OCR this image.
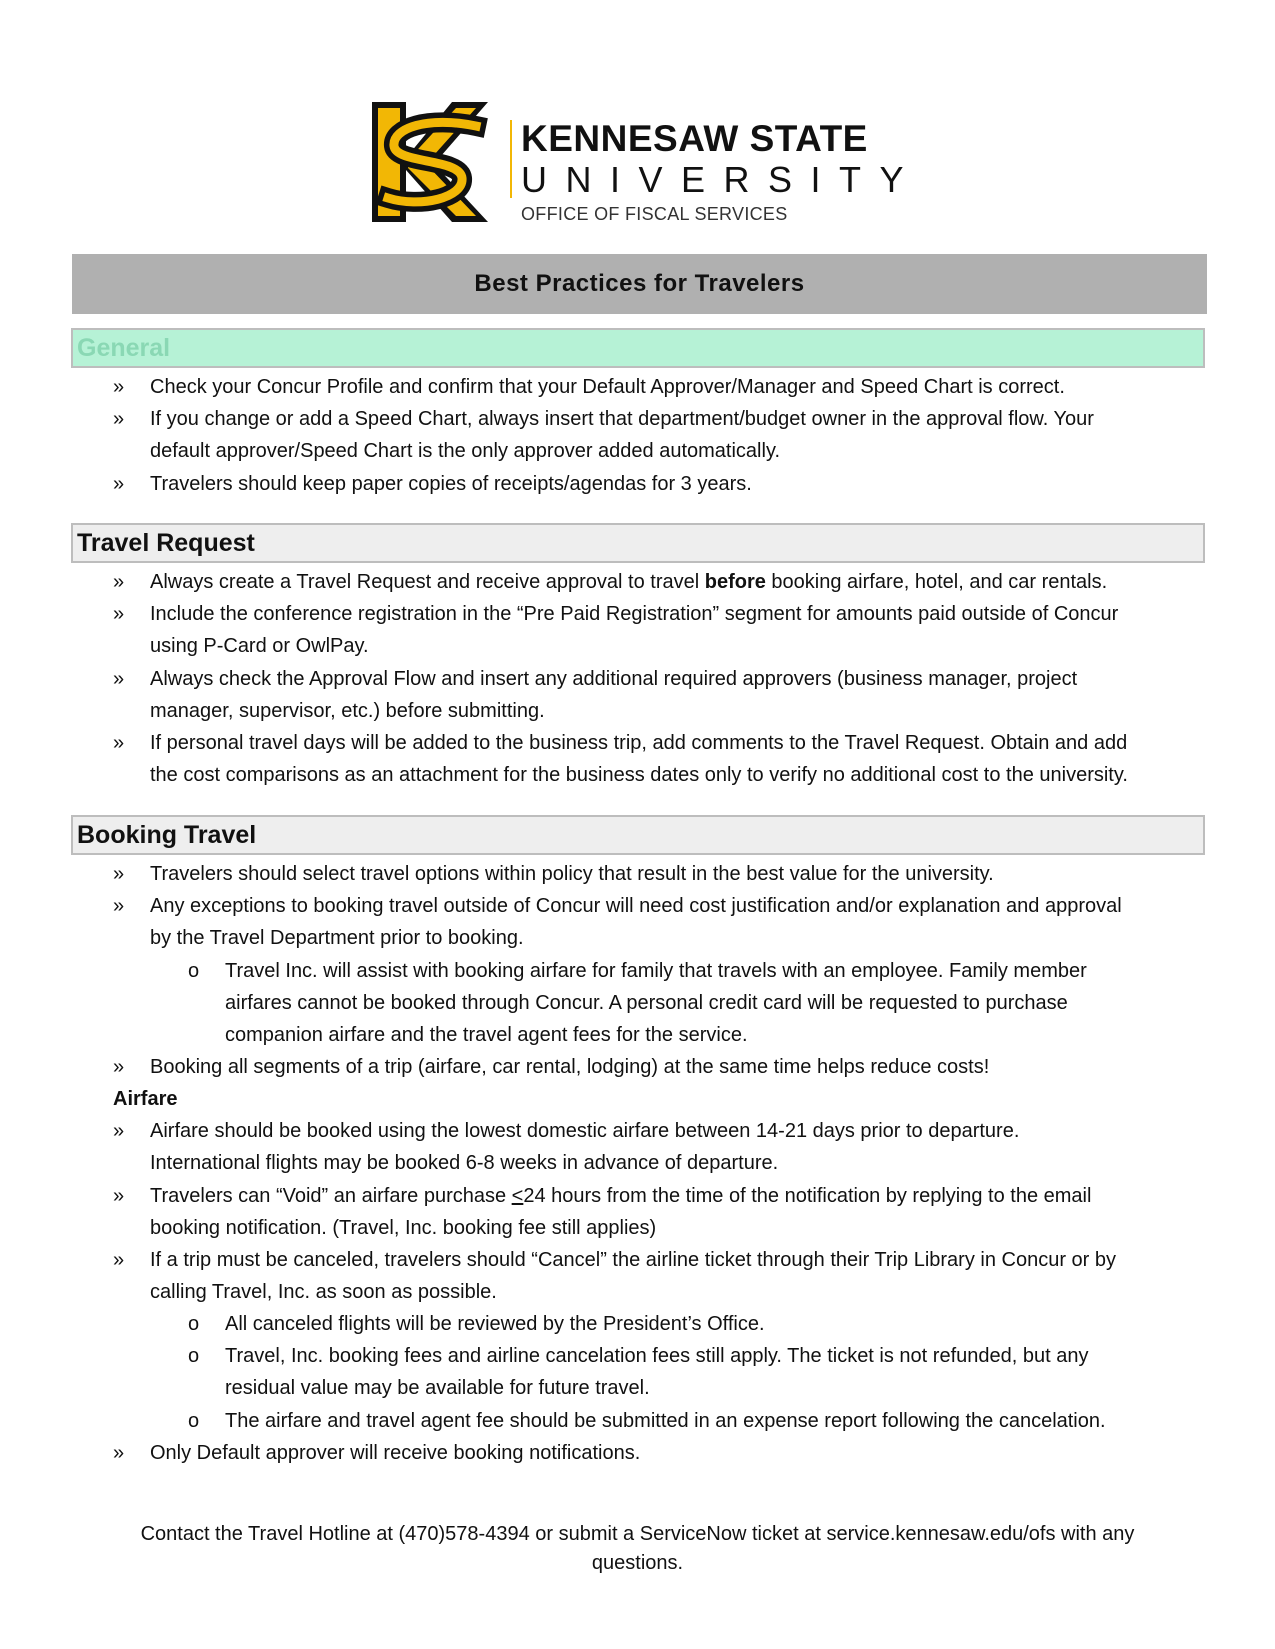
KENNESAW STATE
UNIVERSITY
OFFICE OF FISCAL SERVICES
Best Practices for Travelers
General
» Check your Concur Profile and confirm that your Default Approver/Manager and Speed Chart is correct.
» If you change or add a Speed Chart, always insert that department/budget owner in the approval flow. Your
default approver/Speed Chart is the only approver added automatically.
» Travelers should keep paper copies of receipts/agendas for 3 years.
Travel Request
» Always create a Travel Request and receive approval to travel before booking airfare, hotel, and car rentals.
» Include the conference registration in the “Pre Paid Registration” segment for amounts paid outside of Concur
using P-Card or OwlPay.
» Always check the Approval Flow and insert any additional required approvers (business manager, project
manager, supervisor, etc.) before submitting.
» If personal travel days will be added to the business trip, add comments to the Travel Request. Obtain and add
the cost comparisons as an attachment for the business dates only to verify no additional cost to the university.
Booking Travel
» Travelers should select travel options within policy that result in the best value for the university.
» Any exceptions to booking travel outside of Concur will need cost justification and/or explanation and approval
by the Travel Department prior to booking.
o Travel Inc. will assist with booking airfare for family that travels with an employee. Family member
airfares cannot be booked through Concur. A personal credit card will be requested to purchase
companion airfare and the travel agent fees for the service.
» Booking all segments of a trip (airfare, car rental, lodging) at the same time helps reduce costs!
Airfare
» Airfare should be booked using the lowest domestic airfare between 14-21 days prior to departure.
International flights may be booked 6-8 weeks in advance of departure.
» Travelers can “Void” an airfare purchase ≤24 hours from the time of the notification by replying to the email
booking notification. (Travel, Inc. booking fee still applies)
» If a trip must be canceled, travelers should “Cancel” the airline ticket through their Trip Library in Concur or by
calling Travel, Inc. as soon as possible.
o All canceled flights will be reviewed by the President’s Office.
o Travel, Inc. booking fees and airline cancelation fees still apply. The ticket is not refunded, but any
residual value may be available for future travel.
o The airfare and travel agent fee should be submitted in an expense report following the cancelation.
» Only Default approver will receive booking notifications.
Contact the Travel Hotline at (470)578-4394 or submit a ServiceNow ticket at service.kennesaw.edu/ofs with any
questions.
